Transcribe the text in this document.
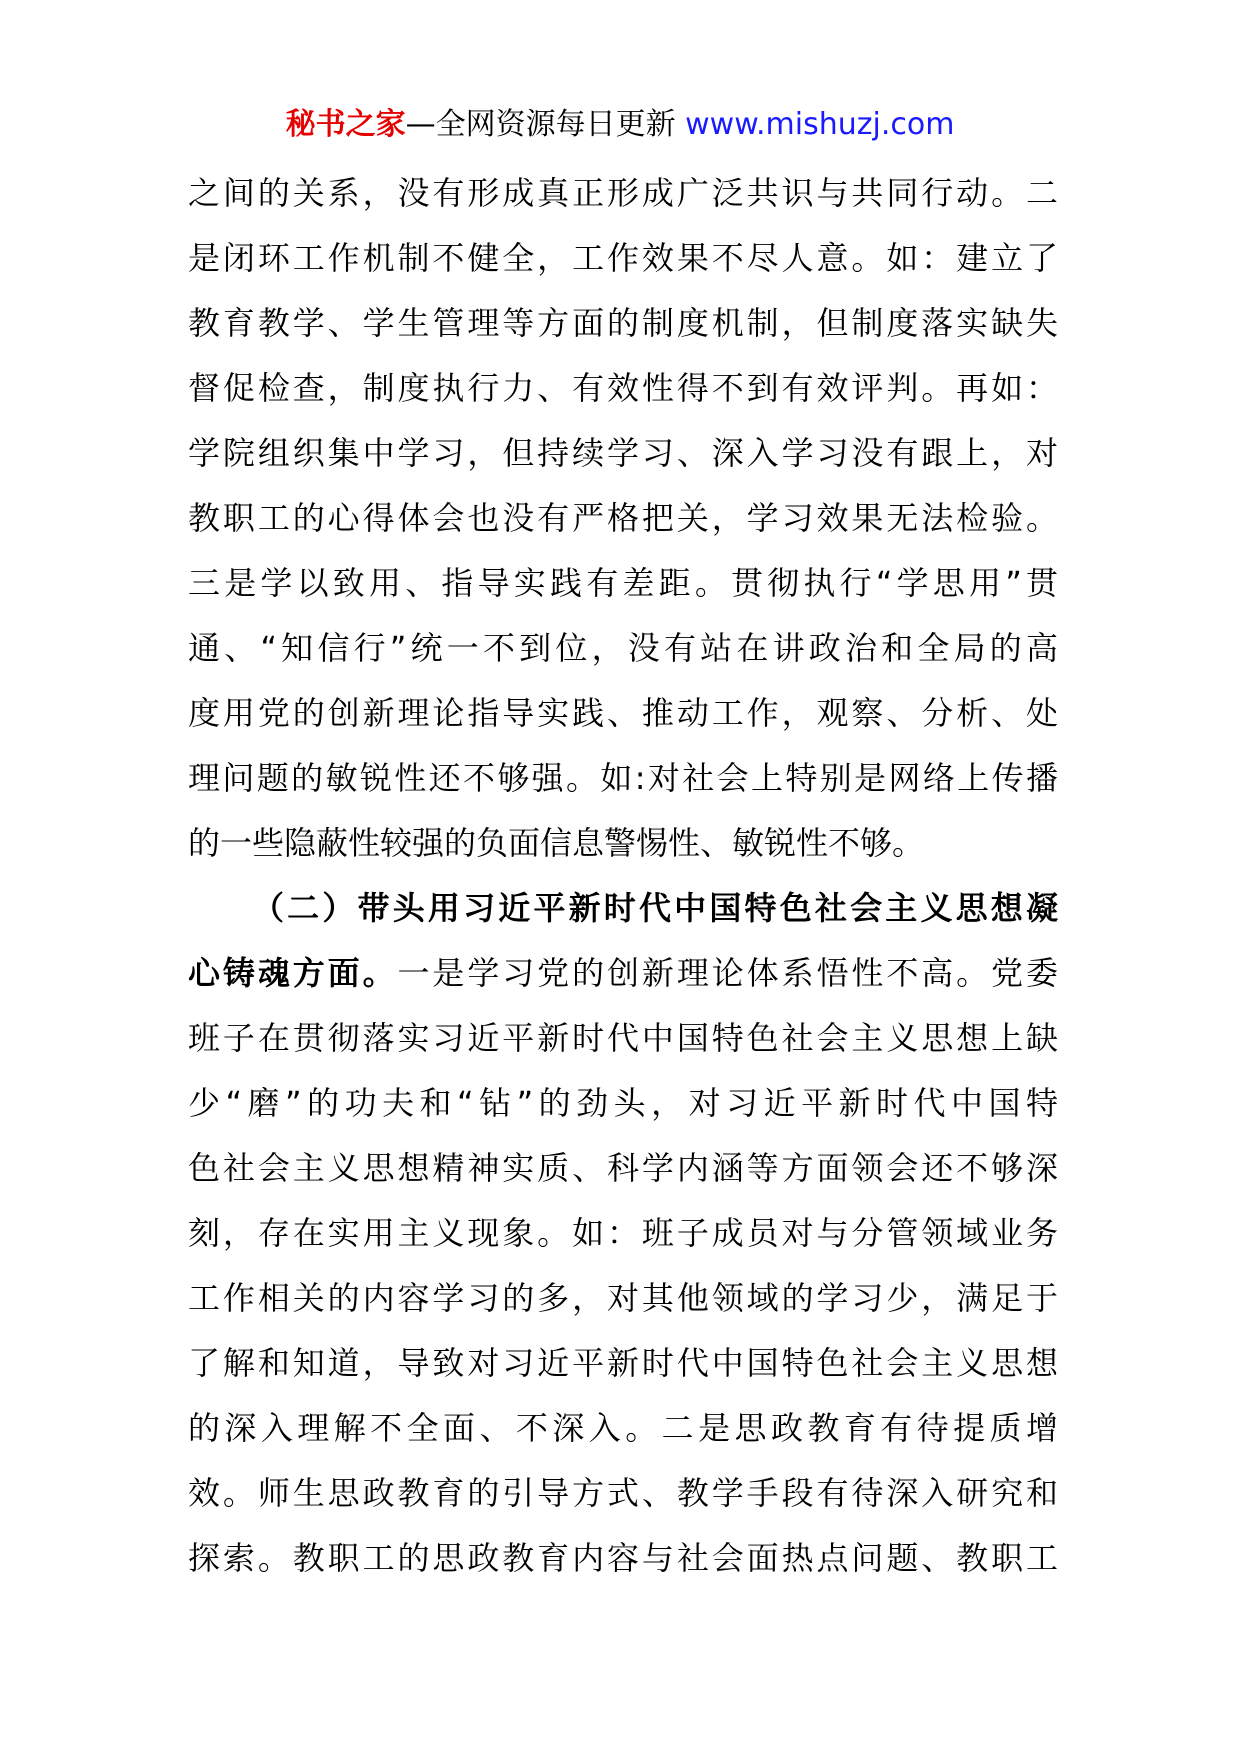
秘书之家—全网资源每日更新 www.mishuzj.com
之间的关系，没有形成真正形成广泛共识与共同行动。二
是闭环工作机制不健全，工作效果不尽人意。如：建立了
教育教学、学生管理等方面的制度机制，但制度落实缺失
督促检查，制度执行力、有效性得不到有效评判。再如：
学院组织集中学习，但持续学习、深入学习没有跟上，对
教职工的心得体会也没有严格把关，学习效果无法检验。
三是学以致用、指导实践有差距。贯彻执行“学思用”贯
通、“知信行”统一不到位，没有站在讲政治和全局的高
度用党的创新理论指导实践、推动工作，观察、分析、处
理问题的敏锐性还不够强。如:对社会上特别是网络上传播
的一些隐蔽性较强的负面信息警惕性、敏锐性不够。
（二）带头用习近平新时代中国特色社会主义思想凝
心铸魂方面。一是学习党的创新理论体系悟性不高。党委
班子在贯彻落实习近平新时代中国特色社会主义思想上缺
少“磨”的功夫和“钻”的劲头，对习近平新时代中国特
色社会主义思想精神实质、科学内涵等方面领会还不够深
刻，存在实用主义现象。如：班子成员对与分管领域业务
工作相关的内容学习的多，对其他领域的学习少，满足于
了解和知道，导致对习近平新时代中国特色社会主义思想
的深入理解不全面、不深入。二是思政教育有待提质增
效。师生思政教育的引导方式、教学手段有待深入研究和
探索。教职工的思政教育内容与社会面热点问题、教职工
